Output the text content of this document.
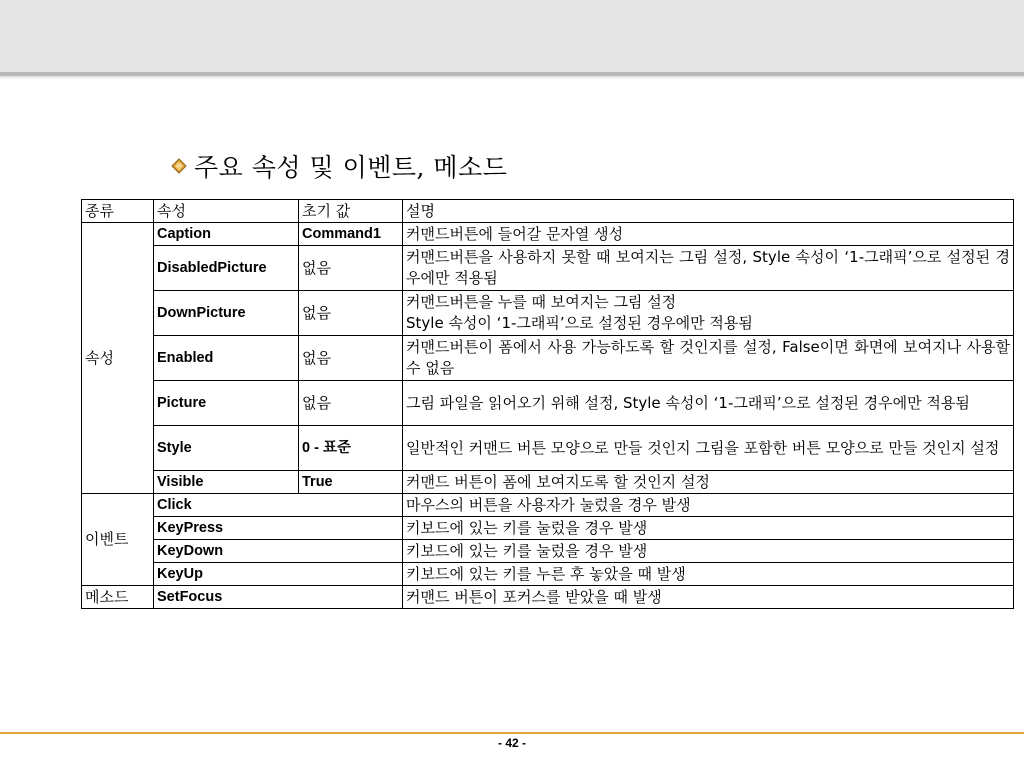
주요 속성 및 이벤트, 메소드
종류	속성	초기 값	설명
속성	Caption	Command1	커맨드버튼에 들어갈 문자열 생성
	DisabledPicture	없음	커맨드버튼을 사용하지 못할 때 보여지는 그림 설정, Style 속성이 ‘1-그래픽’으로 설정된 경우에만 적용됨
	DownPicture	없음	커맨드버튼을 누를 때 보여지는 그림 설정
Style 속성이 ‘1-그래픽’으로 설정된 경우에만 적용됨
	Enabled	없음	커맨드버튼이 폼에서 사용 가능하도록 할 것인지를 설정, False이면 화면에 보여지나 사용할 수 없음
	Picture	없음	그림 파일을 읽어오기 위해 설정, Style 속성이 ‘1-그래픽’으로 설정된 경우에만 적용됨
	Style	0 - 표준	일반적인 커맨드 버튼 모양으로 만들 것인지 그림을 포함한 버튼 모양으로 만들 것인지 설정
	Visible	True	커맨드 버튼이 폼에 보여지도록 할 것인지 설정
이벤트	Click		마우스의 버튼을 사용자가 눌렀을 경우 발생
	KeyPress		키보드에 있는 키를 눌렀을 경우 발생
	KeyDown		키보드에 있는 키를 눌렀을 경우 발생
	KeyUp		키보드에 있는 키를 누른 후 놓았을 때 발생
메소드	SetFocus		커맨드 버튼이 포커스를 받았을 때 발생
- 42 -
